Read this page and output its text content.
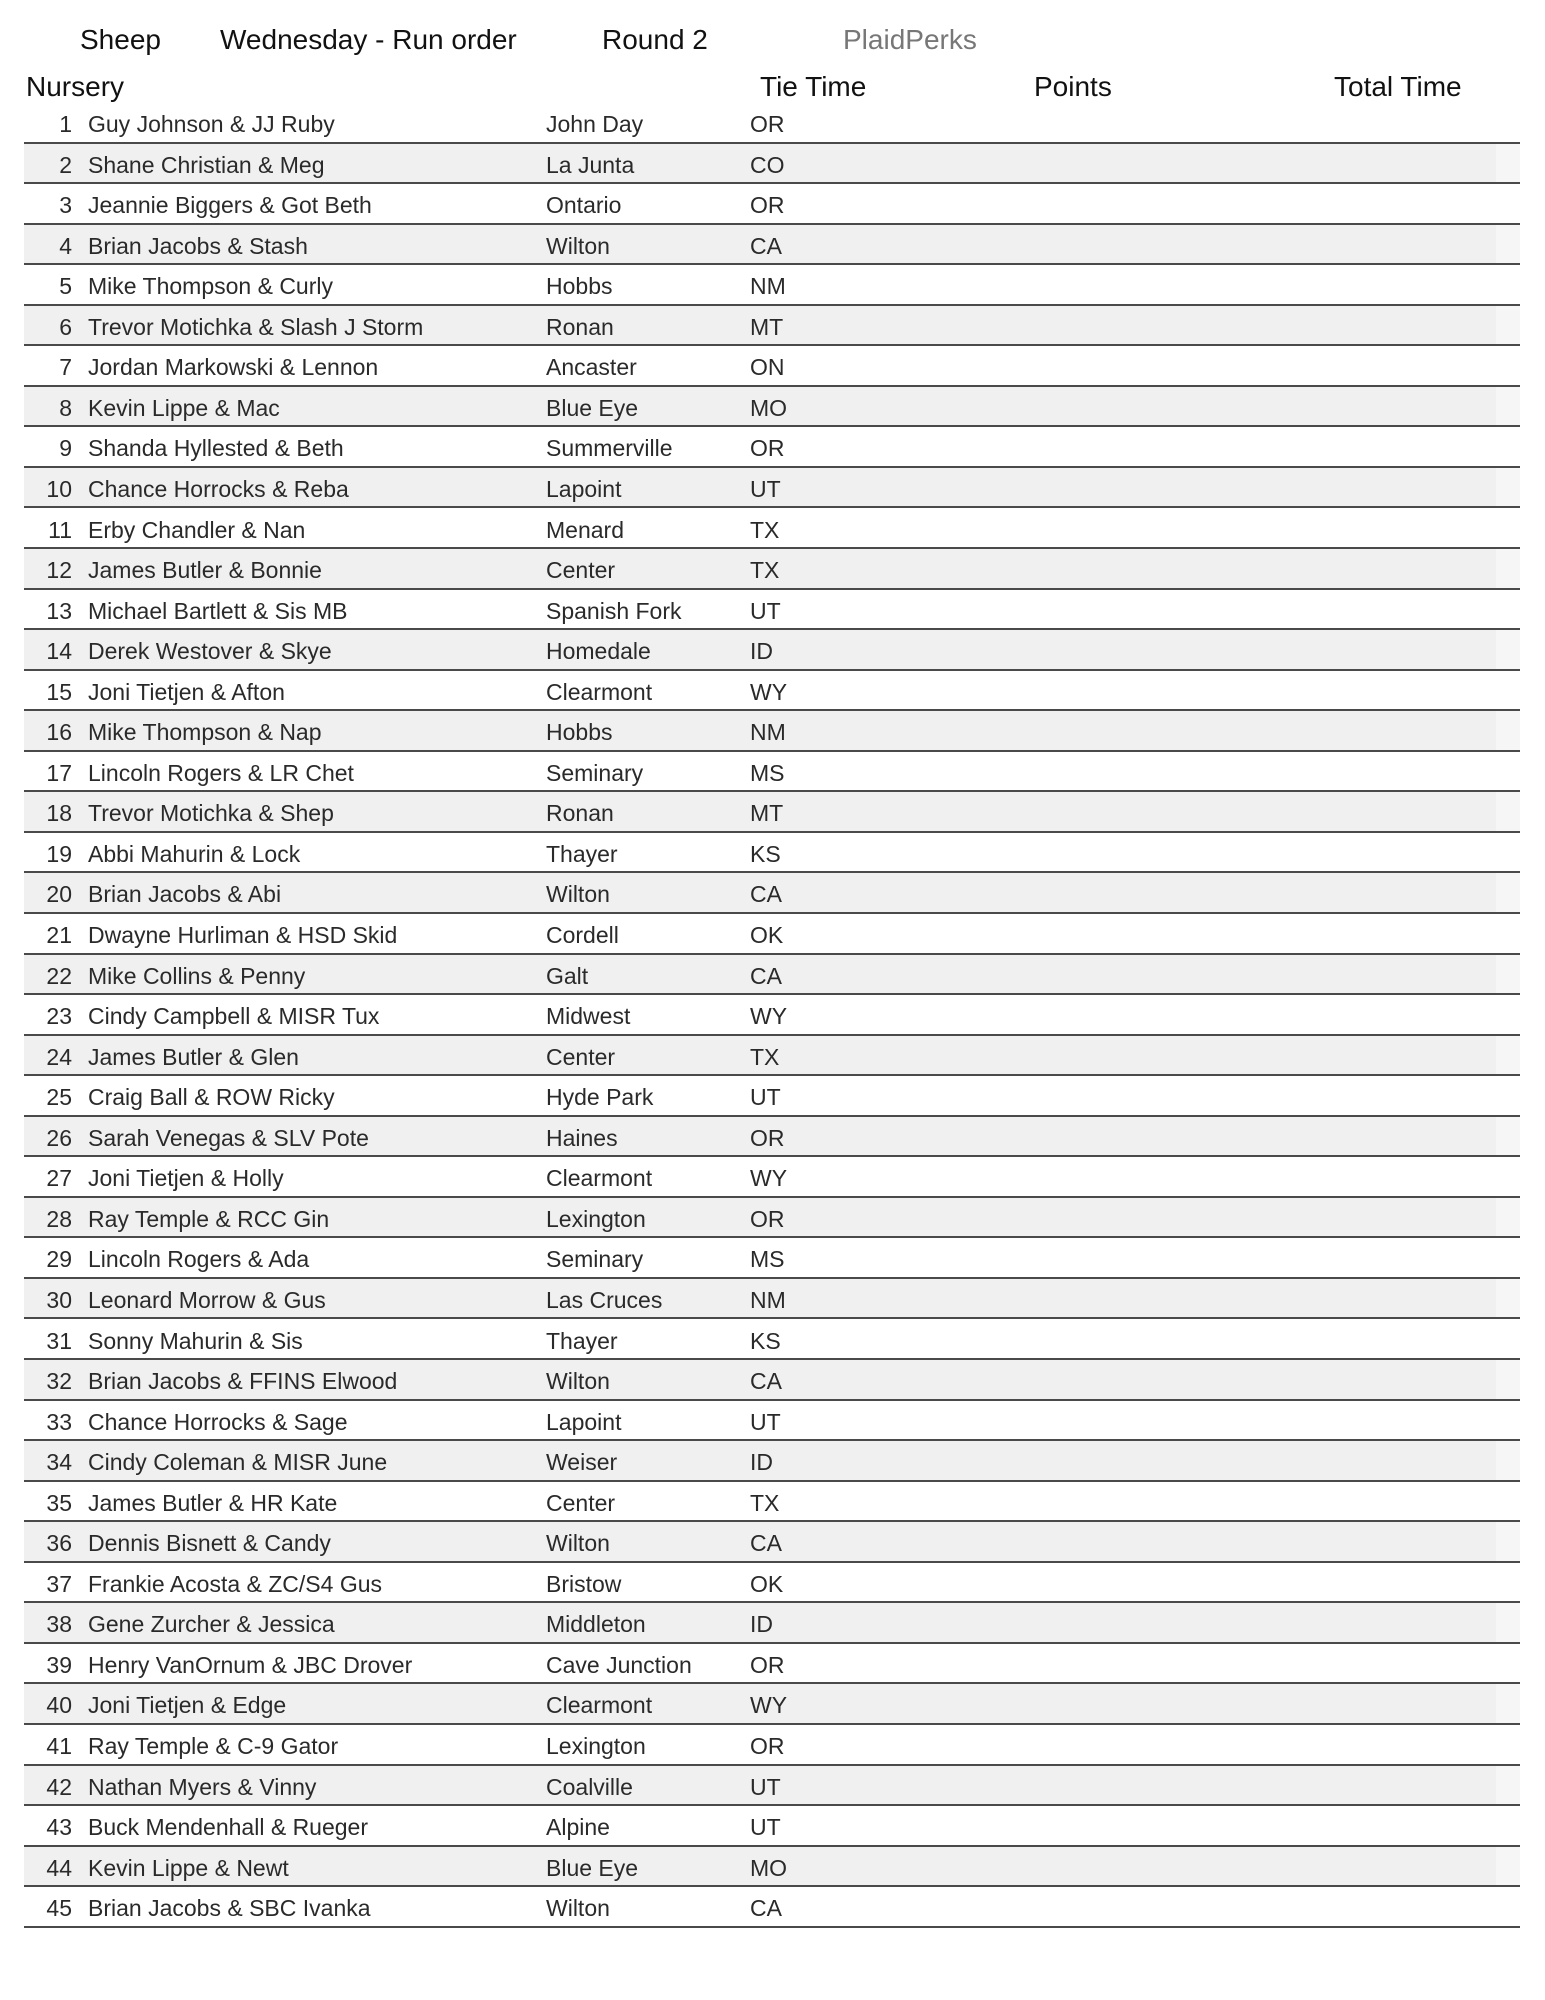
Sheep Wednesday - Run order	Round 2	PlaidPerks
Nursery	Tie Time	Points	Total Time
1 Guy Johnson & JJ Ruby	John Day	OR
2 Shane Christian & Meg	La Junta	CO
3 Jeannie Biggers & Got Beth	Ontario	OR
4 Brian Jacobs & Stash	Wilton	CA
5 Mike Thompson & Curly	Hobbs	NM
6 Trevor Motichka & Slash J Storm	Ronan	MT
7 Jordan Markowski & Lennon	Ancaster	ON
8 Kevin Lippe & Mac	Blue Eye	MO
9 Shanda Hyllested & Beth	Summerville	OR
10 Chance Horrocks & Reba	Lapoint	UT
11 Erby Chandler & Nan	Menard	TX
12 James Butler & Bonnie	Center	TX
13 Michael Bartlett & Sis MB	Spanish Fork	UT
14 Derek Westover & Skye	Homedale	ID
15 Joni Tietjen & Afton	Clearmont	WY
16 Mike Thompson & Nap	Hobbs	NM
17 Lincoln Rogers & LR Chet	Seminary	MS
18 Trevor Motichka & Shep	Ronan	MT
19 Abbi Mahurin & Lock	Thayer	KS
20 Brian Jacobs & Abi	Wilton	CA
21 Dwayne Hurliman & HSD Skid	Cordell	OK
22 Mike Collins & Penny	Galt	CA
23 Cindy Campbell & MISR Tux	Midwest	WY
24 James Butler & Glen	Center	TX
25 Craig Ball & ROW Ricky	Hyde Park	UT
26 Sarah Venegas & SLV Pote	Haines	OR
27 Joni Tietjen & Holly	Clearmont	WY
28 Ray Temple & RCC Gin	Lexington	OR
29 Lincoln Rogers & Ada	Seminary	MS
30 Leonard Morrow & Gus	Las Cruces	NM
31 Sonny Mahurin & Sis	Thayer	KS
32 Brian Jacobs & FFINS Elwood	Wilton	CA
33 Chance Horrocks & Sage	Lapoint	UT
34 Cindy Coleman & MISR June	Weiser	ID
35 James Butler & HR Kate	Center	TX
36 Dennis Bisnett & Candy	Wilton	CA
37 Frankie Acosta & ZC/S4 Gus	Bristow	OK
38 Gene Zurcher & Jessica	Middleton	ID
39 Henry VanOrnum & JBC Drover	Cave Junction	OR
40 Joni Tietjen & Edge	Clearmont	WY
41 Ray Temple & C-9 Gator	Lexington	OR
42 Nathan Myers & Vinny	Coalville	UT
43 Buck Mendenhall & Rueger	Alpine	UT
44 Kevin Lippe & Newt	Blue Eye	MO
45 Brian Jacobs & SBC Ivanka	Wilton	CA
